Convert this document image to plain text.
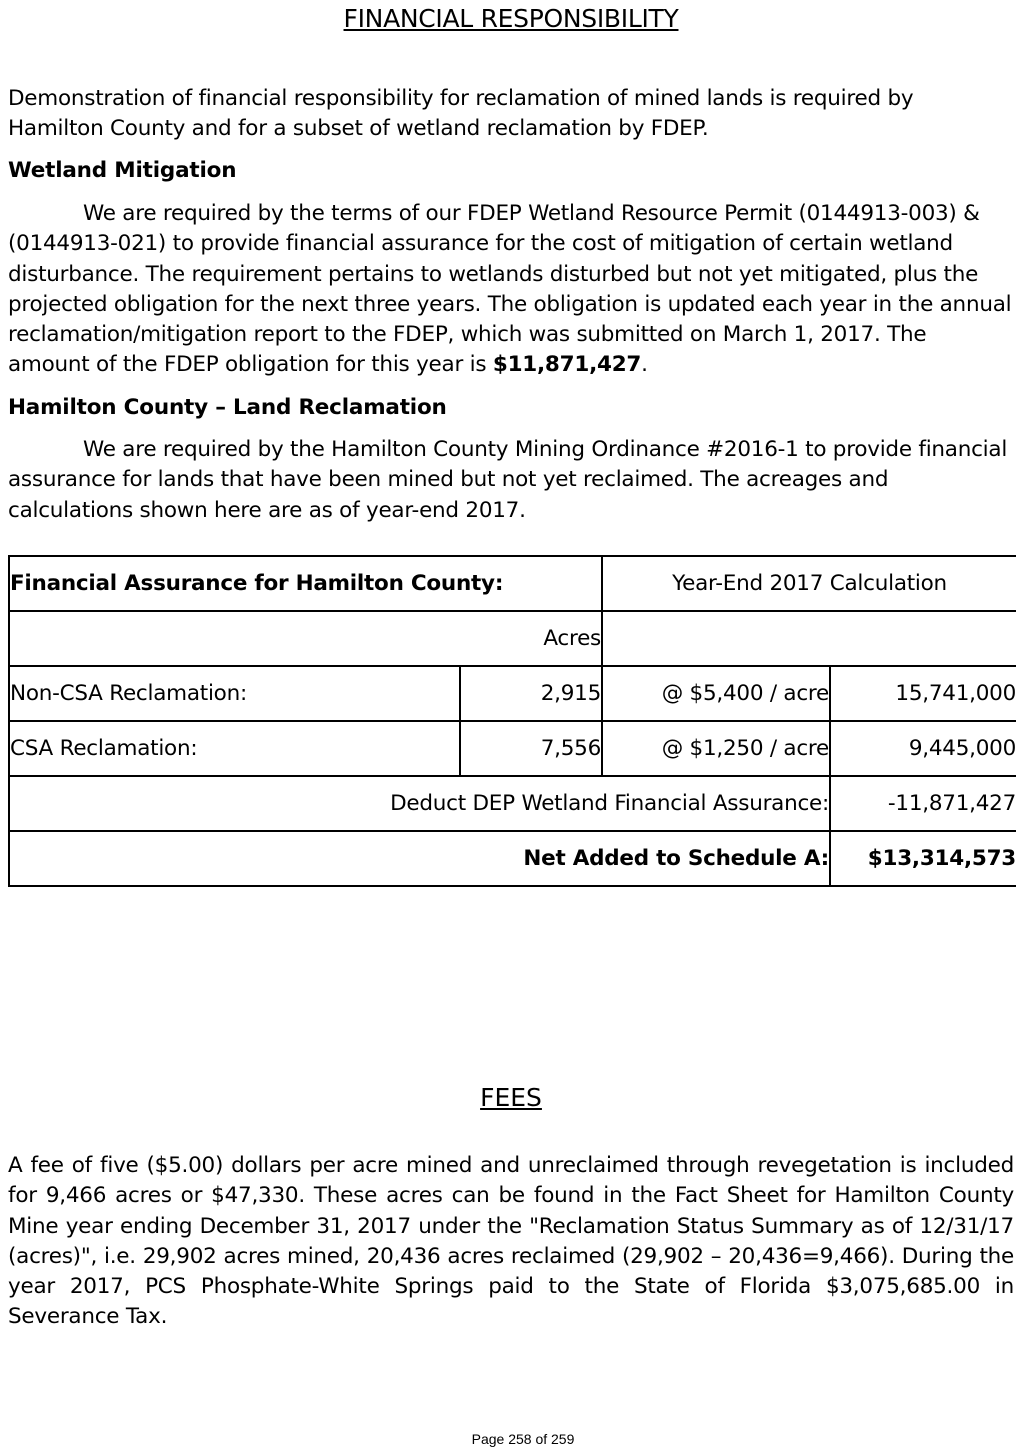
FINANCIAL RESPONSIBILITY

Demonstration of financial responsibility for reclamation of mined lands is required by Hamilton County and for a subset of wetland reclamation by FDEP.

Wetland Mitigation

We are required by the terms of our FDEP Wetland Resource Permit (0144913-003) & (0144913-021) to provide financial assurance for the cost of mitigation of certain wetland disturbance. The requirement pertains to wetlands disturbed but not yet mitigated, plus the projected obligation for the next three years. The obligation is updated each year in the annual reclamation/mitigation report to the FDEP, which was submitted on March 1, 2017. The amount of the FDEP obligation for this year is $11,871,427.

Hamilton County – Land Reclamation

We are required by the Hamilton County Mining Ordinance #2016-1 to provide financial assurance for lands that have been mined but not yet reclaimed. The acreages and calculations shown here are as of year-end 2017.

Financial Assurance for Hamilton County:		Year-End 2017 Calculation	
Acres			
Non-CSA Reclamation:	2,915	@ $5,400 / acre	15,741,000
CSA Reclamation:	7,556	@ $1,250 / acre	9,445,000
Deduct DEP Wetland Financial Assurance:			-11,871,427
Net Added to Schedule A:			$13,314,573
FEES

A fee of five ($5.00) dollars per acre mined and unreclaimed through revegetation is included for 9,466 acres or $47,330. These acres can be found in the Fact Sheet for Hamilton County Mine year ending December 31, 2017 under the "Reclamation Status Summary as of 12/31/17 (acres)", i.e. 29,902 acres mined, 20,436 acres reclaimed (29,902 – 20,436=9,466). During the year 2017, PCS Phosphate-White Springs paid to the State of Florida $3,075,685.00 in Severance Tax.

Page 258 of 259
